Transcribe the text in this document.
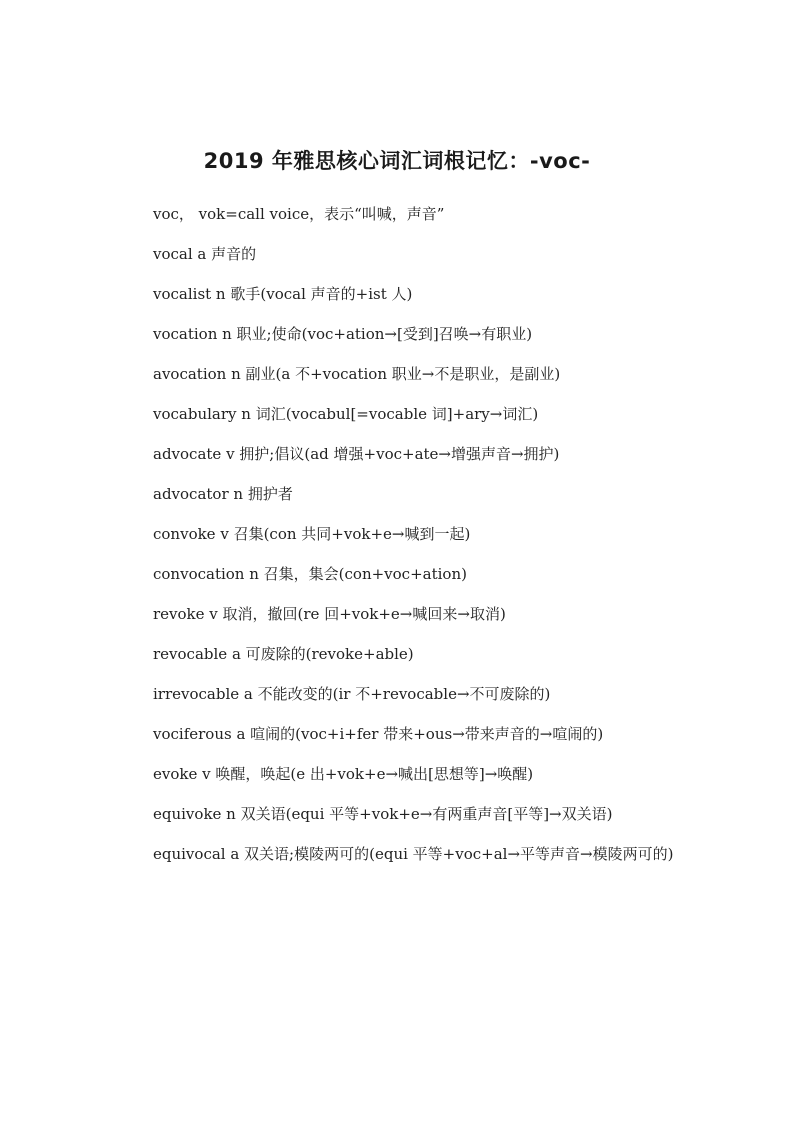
2019 年雅思核心词汇词根记忆：-voc-

voc， vok=call voice，表示“叫喊，声音”

vocal a 声音的

vocalist n 歌手(vocal 声音的+ist 人)

vocation n 职业;使命(voc+ation→[受到]召唤→有职业)

avocation n 副业(a 不+vocation 职业→不是职业，是副业)

vocabulary n 词汇(vocabul[=vocable 词]+ary→词汇)

advocate v 拥护;倡议(ad 增强+voc+ate→增强声音→拥护)

advocator n 拥护者

convoke v 召集(con 共同+vok+e→喊到一起)

convocation n 召集，集会(con+voc+ation)

revoke v 取消，撤回(re 回+vok+e→喊回来→取消)

revocable a 可废除的(revoke+able)

irrevocable a 不能改变的(ir 不+revocable→不可废除的)

vociferous a 喧闹的(voc+i+fer 带来+ous→带来声音的→喧闹的)

evoke v 唤醒，唤起(e 出+vok+e→喊出[思想等]→唤醒)

equivoke n 双关语(equi 平等+vok+e→有两重声音[平等]→双关语)

equivocal a 双关语;模陵两可的(equi 平等+voc+al→平等声音→模陵两可的)
